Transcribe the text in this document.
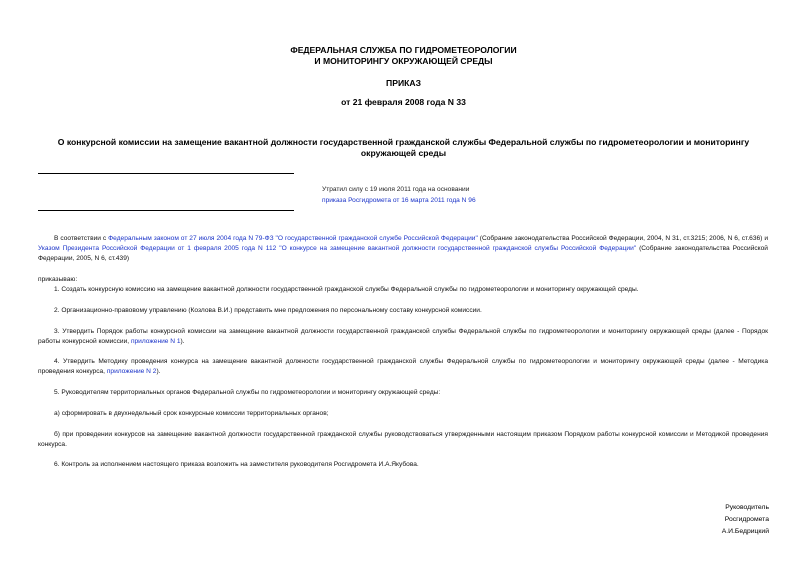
ФЕДЕРАЛЬНАЯ СЛУЖБА ПО ГИДРОМЕТЕОРОЛОГИИ
И МОНИТОРИНГУ ОКРУЖАЮЩЕЙ СРЕДЫ
ПРИКАЗ
от 21 февраля 2008 года N 33
О конкурсной комиссии на замещение вакантной должности государственной гражданской службы Федеральной службы по гидрометеорологии и мониторингу окружающей среды
Утратил силу с 19 июля 2011 года на основании
приказа Росгидромета от 16 марта 2011 года N 96
В соответствии с Федеральным законом от 27 июля 2004 года N 79-ФЗ "О государственной гражданской службе Российской Федерации" (Собрание законодательства Российской Федерации, 2004, N 31, ст.3215; 2006, N 6, ст.636) и Указом Президента Российской Федерации от 1 февраля 2005 года N 112 "О конкурсе на замещение вакантной должности государственной гражданской службы Российской Федерации" (Собрание законодательства Российской Федерации, 2005, N 6, ст.439)
приказываю:
1. Создать конкурсную комиссию на замещение вакантной должности государственной гражданской службы Федеральной службы по гидрометеорологии и мониторингу окружающей среды.
2. Организационно-правовому управлению (Козлова В.И.) представить мне предложения по персональному составу конкурсной комиссии.
3. Утвердить Порядок работы конкурсной комиссии на замещение вакантной должности государственной гражданской службы Федеральной службы по гидрометеорологии и мониторингу окружающей среды (далее - Порядок работы конкурсной комиссии, приложение N 1).
4. Утвердить Методику проведения конкурса на замещение вакантной должности государственной гражданской службы Федеральной службы по гидрометеорологии и мониторингу окружающей среды (далее - Методика проведения конкурса, приложение N 2).
5. Руководителям территориальных органов Федеральной службы по гидрометеорологии и мониторингу окружающей среды:
а) сформировать в двухнедельный срок конкурсные комиссии территориальных органов;
б) при проведении конкурсов на замещение вакантной должности государственной гражданской службы руководствоваться утвержденными настоящим приказом Порядком работы конкурсной комиссии и Методикой проведения конкурса.
6. Контроль за исполнением настоящего приказа возложить на заместителя руководителя Росгидромета И.А.Якубова.
Руководитель
Росгидромета
А.И.Бедрицкий
